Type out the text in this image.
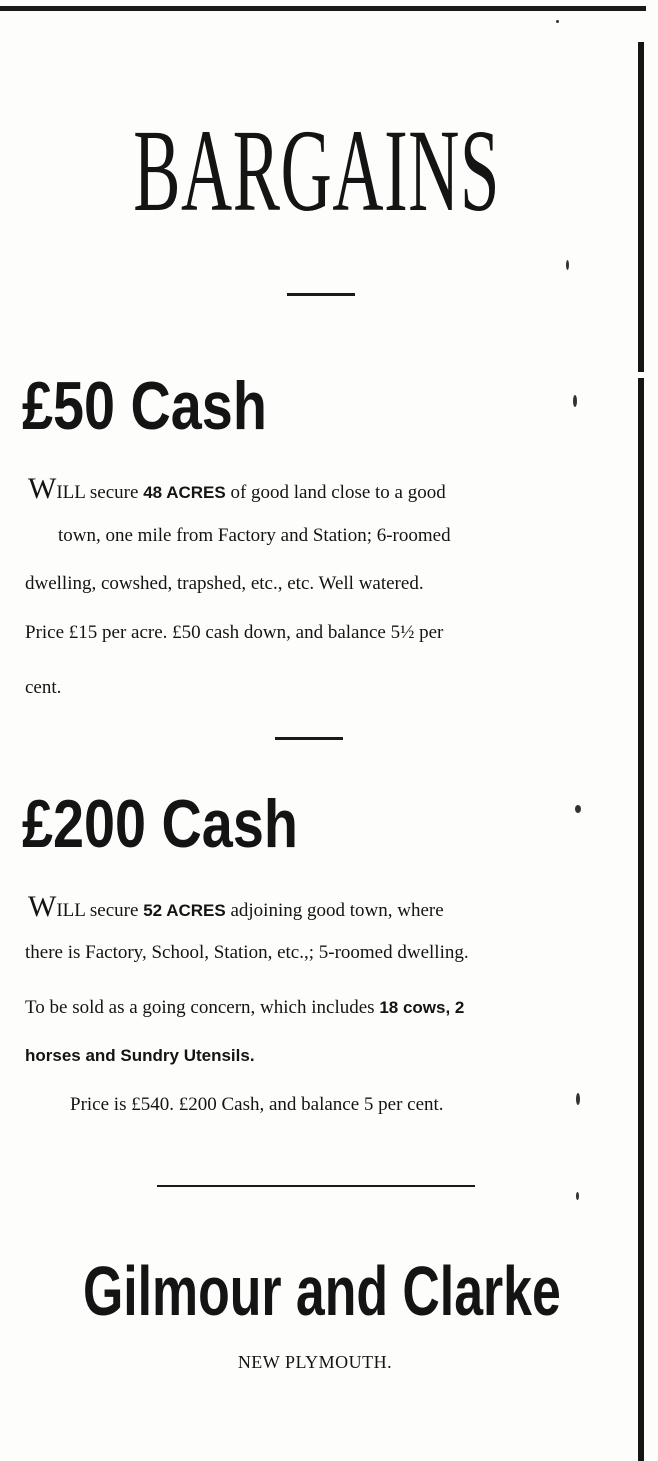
BARGAINS
£50 Cash
WILL secure 48 ACRES of good land close to a good
town, one mile from Factory and Station; 6-roomed
dwelling, cowshed, trapshed, etc., etc. Well watered.
Price £15 per acre. £50 cash down, and balance 5½ per
cent.
£200 Cash
WILL secure 52 ACRES adjoining good town, where
there is Factory, School, Station, etc.,; 5-roomed dwelling.
To be sold as a going concern, which includes 18 cows, 2
horses and Sundry Utensils.
Price is £540. £200 Cash, and balance 5 per cent.
Gilmour and Clarke
NEW PLYMOUTH.
